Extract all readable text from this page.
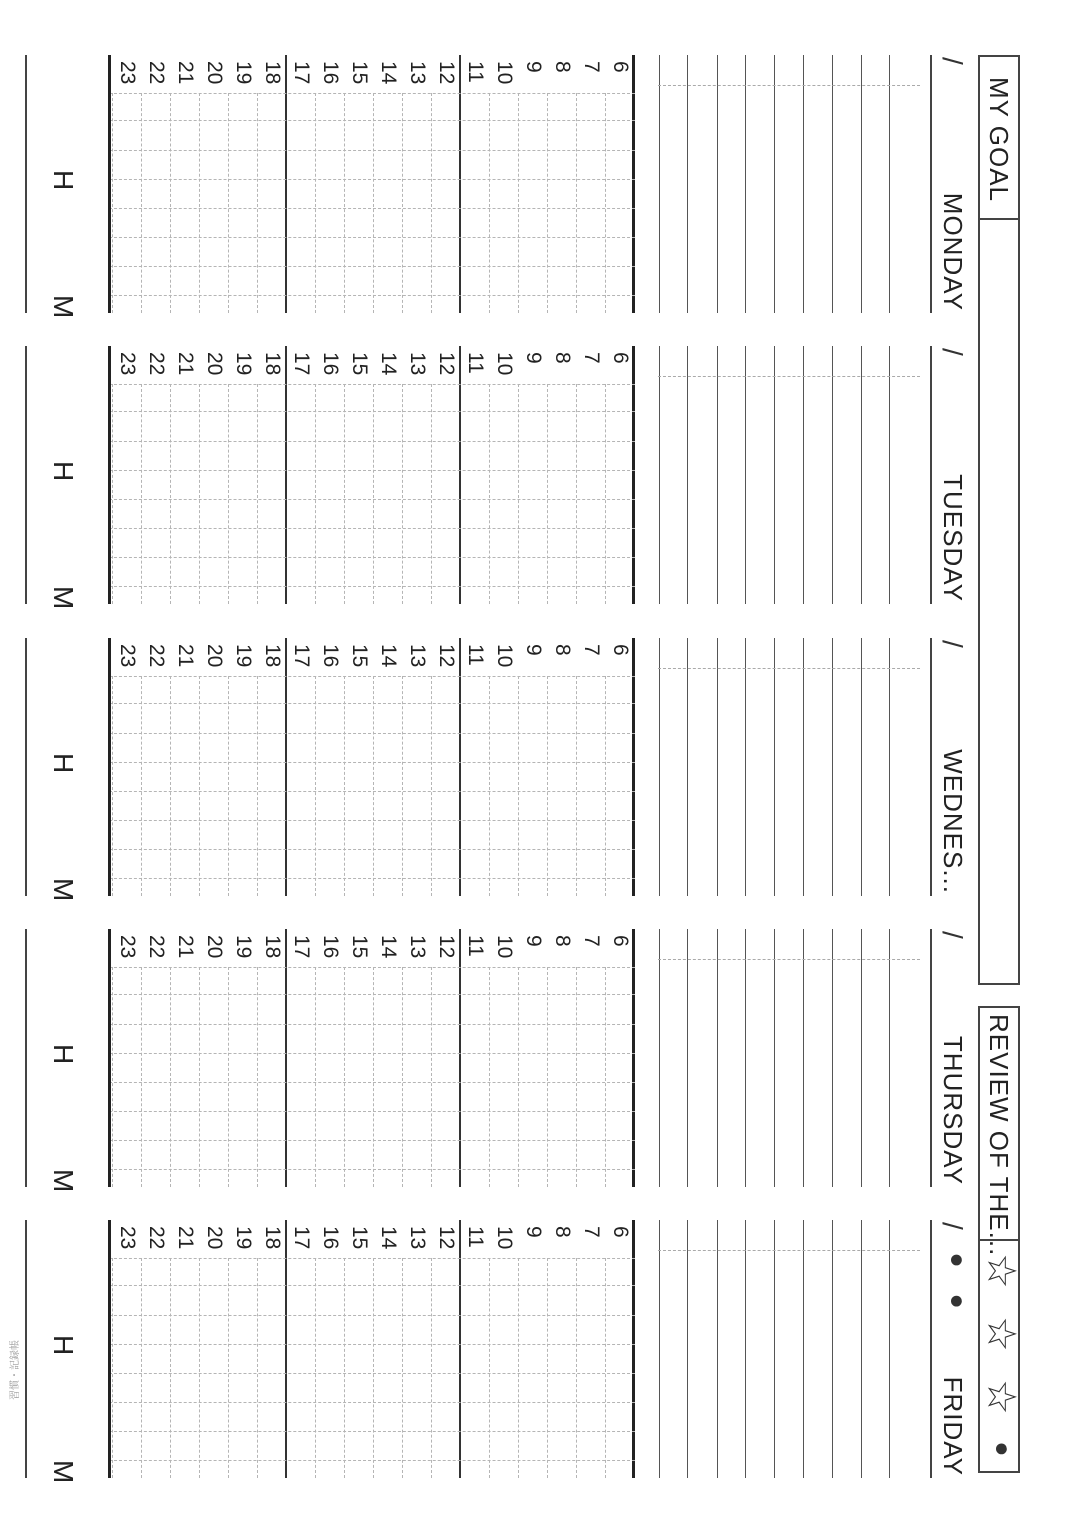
MY GOAL
REVIEW OF THE...
☆ ☆ ☆ • • •
/
MONDAY
6
7
8
9
10
11
12
13
14
15
16
17
18
19
20
21
22
23
H
M
/
TUESDAY
6
7
8
9
10
11
12
13
14
15
16
17
18
19
20
21
22
23
H
M
/
WEDNES...
6
7
8
9
10
11
12
13
14
15
16
17
18
19
20
21
22
23
H
M
/
THURSDAY
6
7
8
9
10
11
12
13
14
15
16
17
18
19
20
21
22
23
H
M
/
FRIDAY
6
7
8
9
10
11
12
13
14
15
16
17
18
19
20
21
22
23
H
M
習慣・記録帳
